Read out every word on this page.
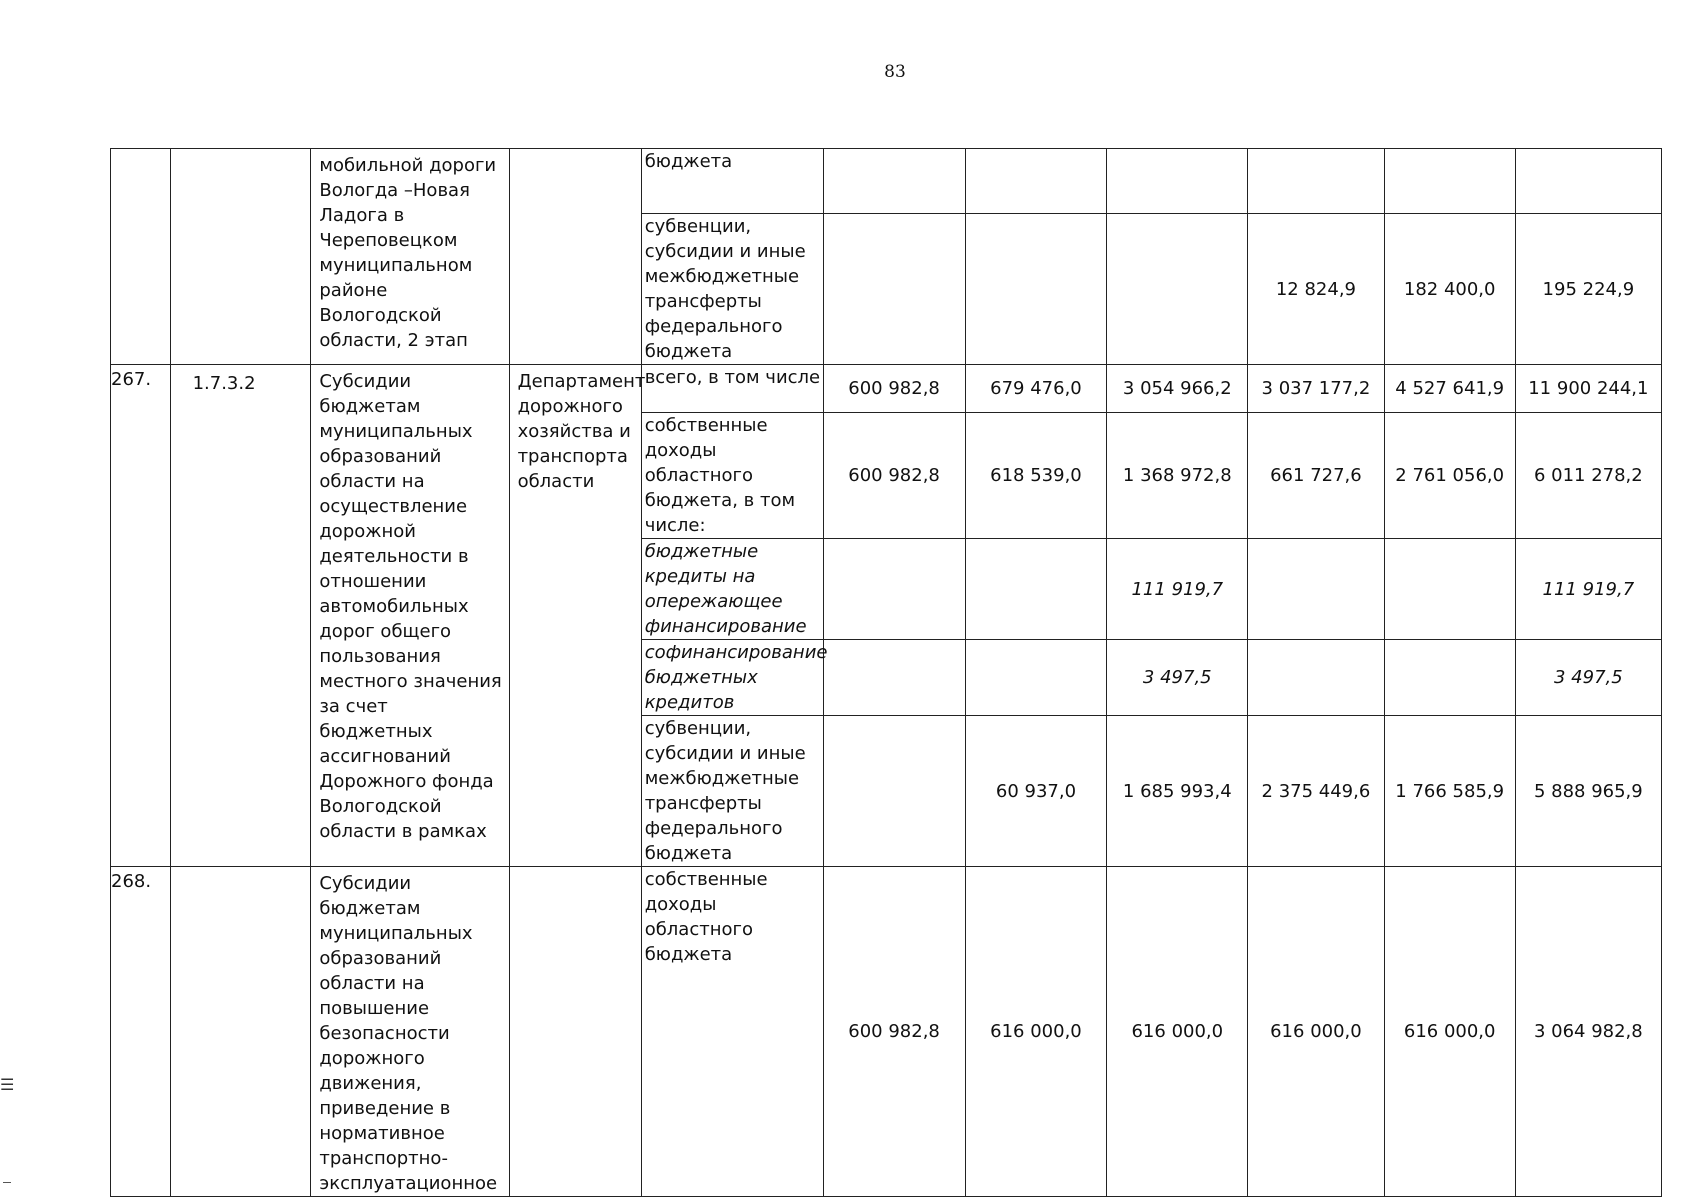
83
		мобильной дороги Вологда –Новая Ладога в Череповецком муниципальном районе Вологодской области, 2 этап		бюджета						
				субвенции, субсидии и иные межбюджетные трансферты федерального бюджета				12 824,9	182 400,0	195 224,9
267.	1.7.3.2	Субсидии бюджетам муниципальных образований области на осуществление дорожной деятельности в отношении автомобильных дорог общего пользования местного значения за счет бюджетных ассигнований Дорожного фонда Вологодской области в рамках	Департамент дорожного хозяйства и транспорта области	всего, в том числе	600 982,8	679 476,0	3 054 966,2	3 037 177,2	4 527 641,9	11 900 244,1
				собственные доходы областного бюджета, в том числе:	600 982,8	618 539,0	1 368 972,8	661 727,6	2 761 056,0	6 011 278,2
				бюджетные кредиты на опережающее финансирование			111 919,7			111 919,7
				софинансирование бюджетных кредитов			3 497,5			3 497,5
				субвенции, субсидии и иные межбюджетные трансферты федерального бюджета		60 937,0	1 685 993,4	2 375 449,6	1 766 585,9	5 888 965,9
268.		Субсидии бюджетам муниципальных образований области на повышение безопасности дорожного движения, приведение в нормативное транспортно-эксплуатационное		собственные доходы областного бюджета	600 982,8	616 000,0	616 000,0	616 000,0	616 000,0	3 064 982,8
☰
